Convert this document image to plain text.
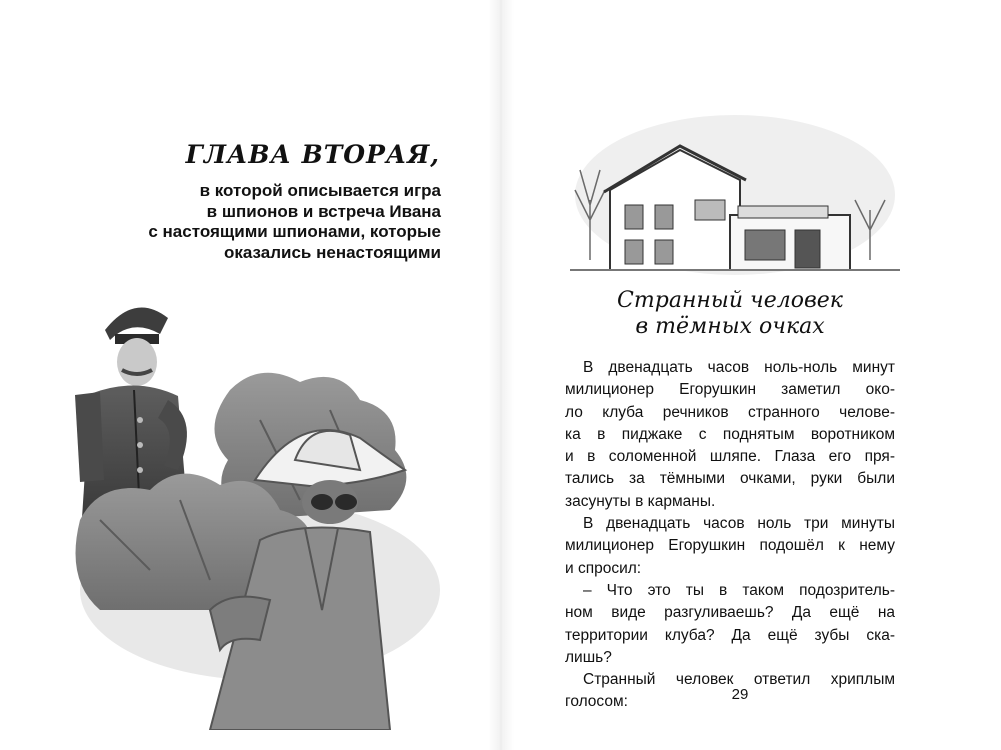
ГЛАВА ВТОРАЯ,

в которой описывается игра
в шпионов и встреча Ивана
с настоящими шпионами, которые
оказались ненастоящими

Странный человек
в тёмных очках
В двенадцать часов ноль-ноль минут
милиционер Егорушкин заметил око-
ло клуба речников странного челове-
ка в пиджаке с поднятым воротником
и в соломенной шляпе. Глаза его пря-
тались за тёмными очками, руки были
засунуты в карманы.
В двенадцать часов ноль три минуты
милиционер Егорушкин подошёл к нему
и спросил:
– Что это ты в таком подозритель-
ном виде разгуливаешь? Да ещё на
территории клуба? Да ещё зубы ска-
лишь?
Странный человек ответил хриплым
голосом:	29
